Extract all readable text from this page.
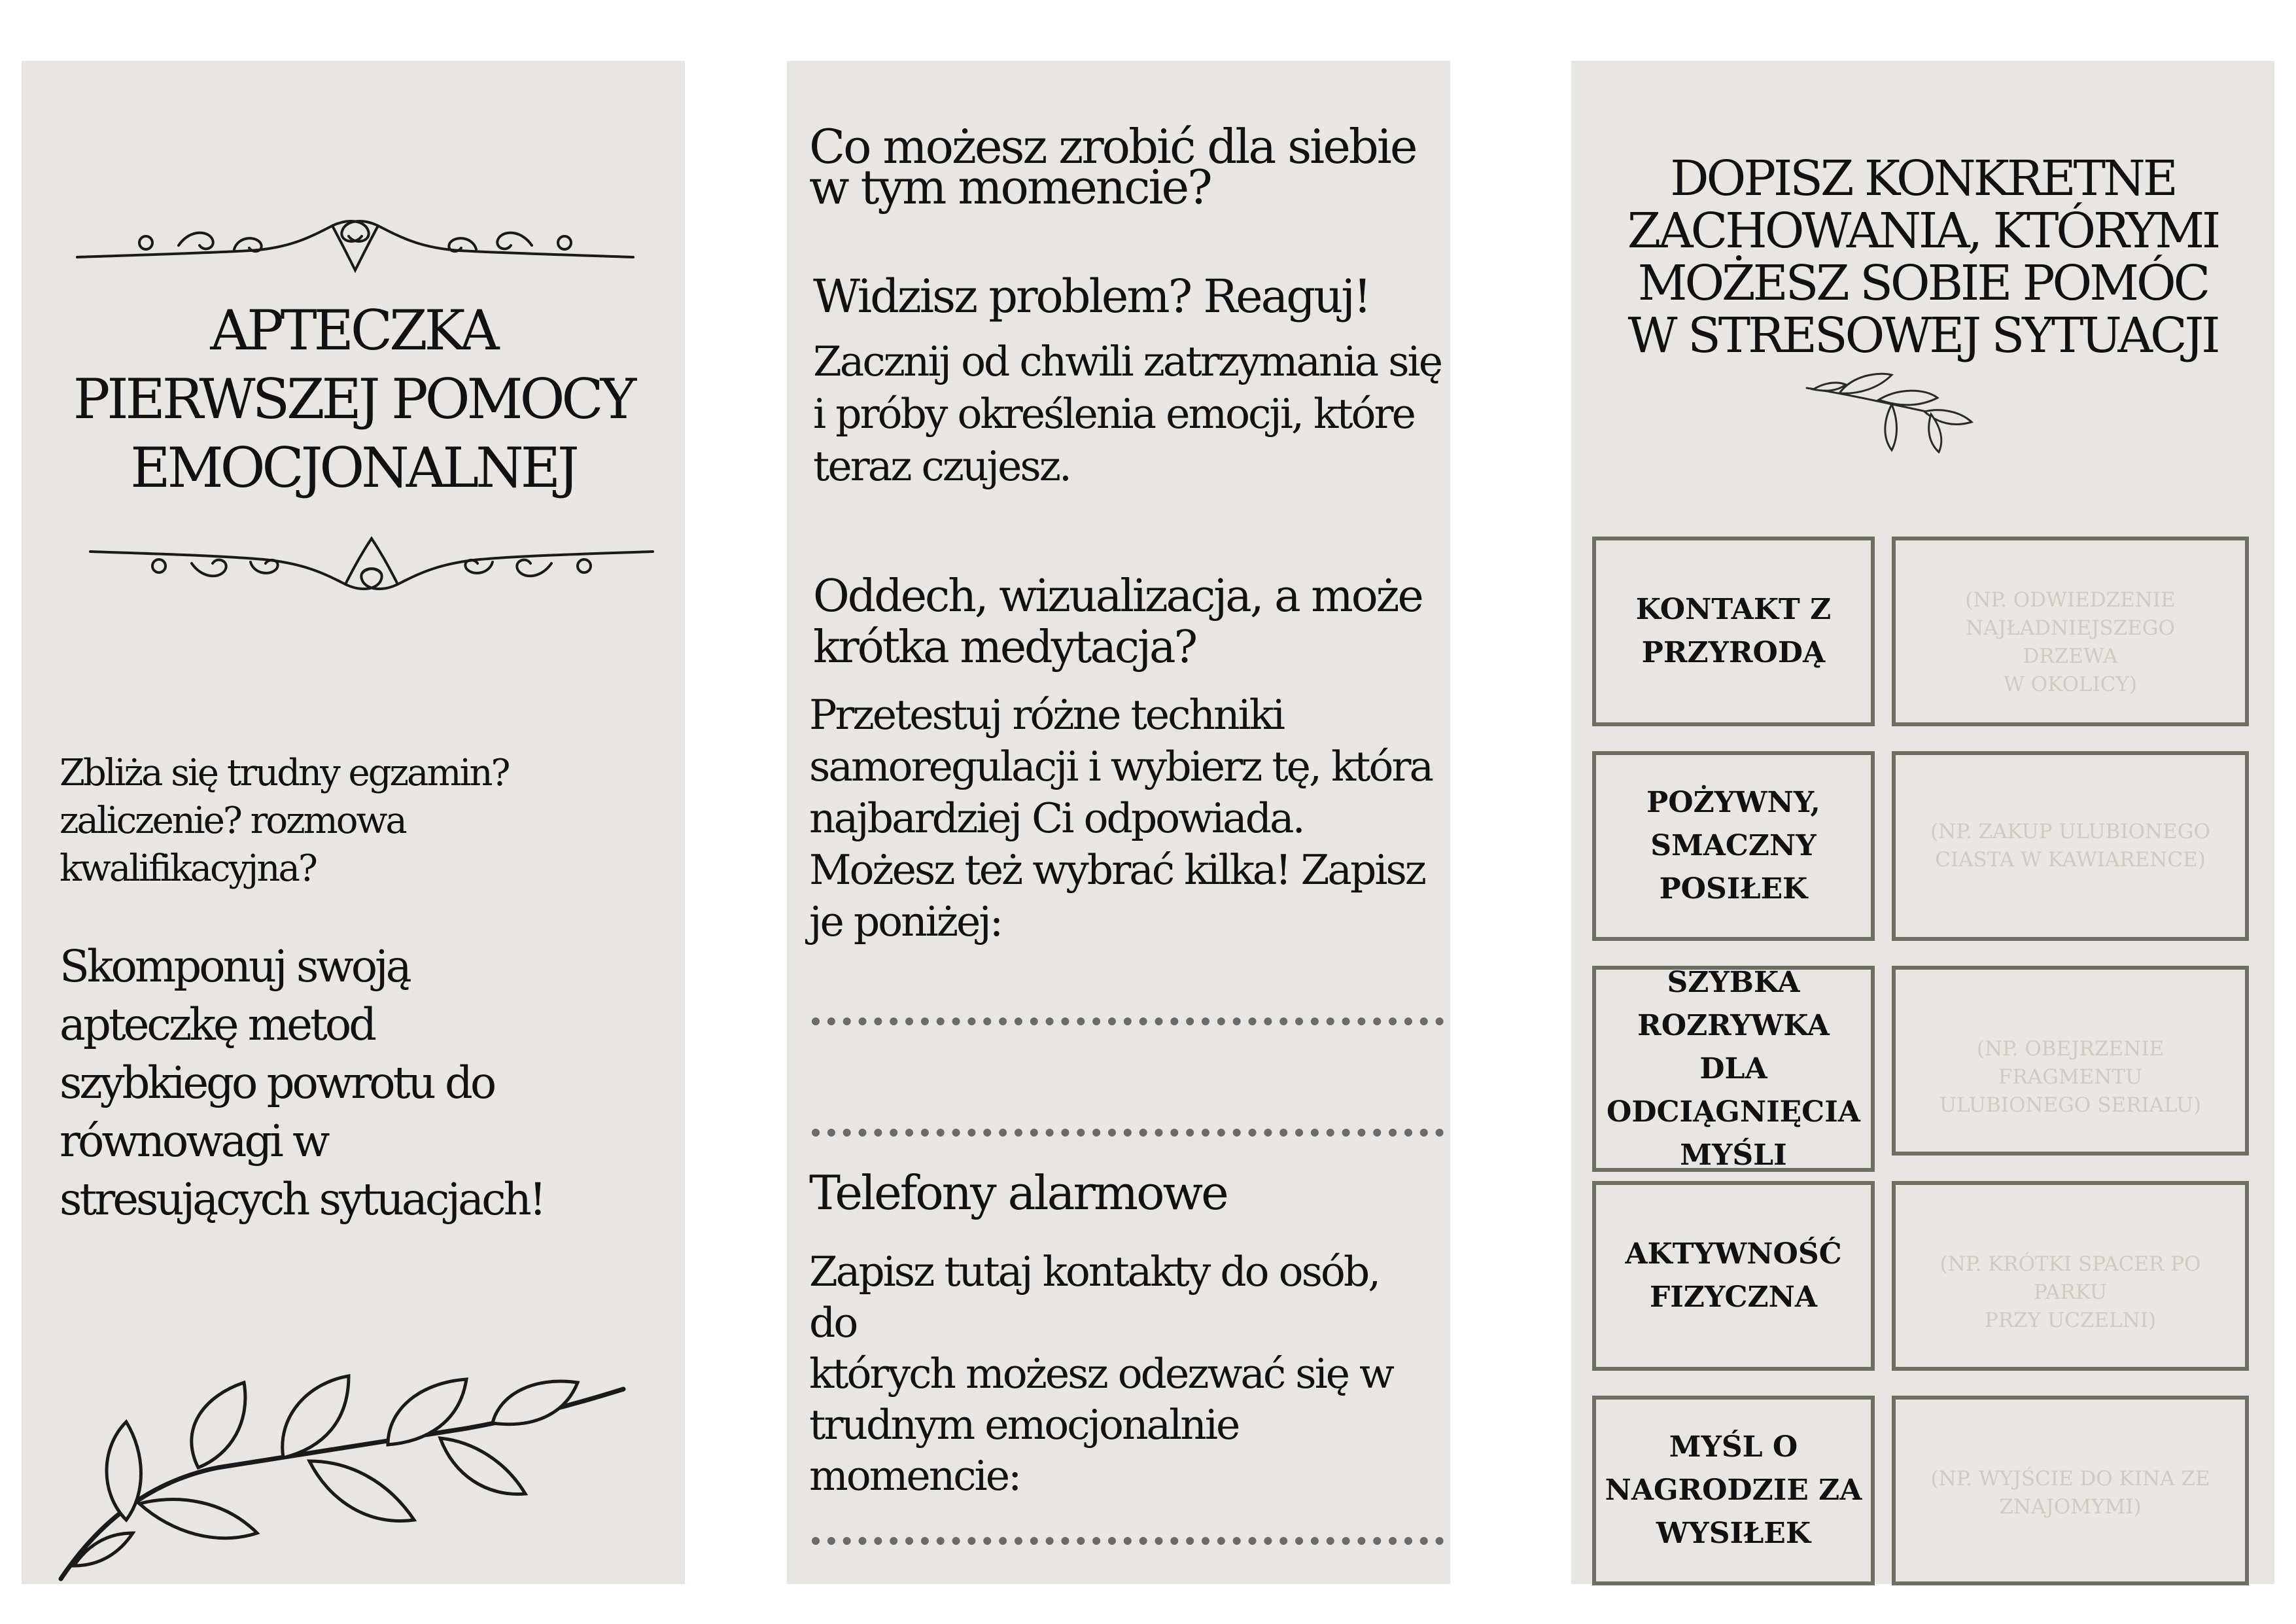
APTECZKA
PIERWSZEJ POMOCY
EMOCJONALNEJ
Zbliża się trudny egzamin?
zaliczenie? rozmowa
kwalifikacyjna?
Skomponuj swoją
apteczkę metod
szybkiego powrotu do
równowagi w
stresujących sytuacjach!
Co możesz zrobić dla siebie
w tym momencie?
Widzisz problem? Reaguj!
Zacznij od chwili zatrzymania się
i próby określenia emocji, które
teraz czujesz.
Oddech, wizualizacja, a może
krótka medytacja?
Przetestuj różne techniki
samoregulacji i wybierz tę, która
najbardziej Ci odpowiada.
Możesz też wybrać kilka! Zapisz
je poniżej:
Telefony alarmowe
Zapisz tutaj kontakty do osób, do
których możesz odezwać się w
trudnym emocjonalnie
momencie:
DOPISZ KONKRETNE
ZACHOWANIA, KTÓRYMI
MOŻESZ SOBIE POMÓC
W STRESOWEJ SYTUACJI
KONTAKT Z
PRZYRODĄ
(NP. ODWIEDZENIE
NAJŁADNIEJSZEGO DRZEWA
W OKOLICY)
POŻYWNY,
SMACZNY
POSIŁEK
(NP. ZAKUP ULUBIONEGO
CIASTA W KAWIARENCE)
SZYBKA
ROZRYWKA DLA
ODCIĄGNIĘCIA
MYŚLI
(NP. OBEJRZENIE FRAGMENTU
ULUBIONEGO SERIALU)
AKTYWNOŚĆ
FIZYCZNA
(NP. KRÓTKI SPACER PO PARKU
PRZY UCZELNI)
MYŚL O
NAGRODZIE ZA
WYSIŁEK
(NP. WYJŚCIE DO KINA ZE
ZNAJOMYMI)
